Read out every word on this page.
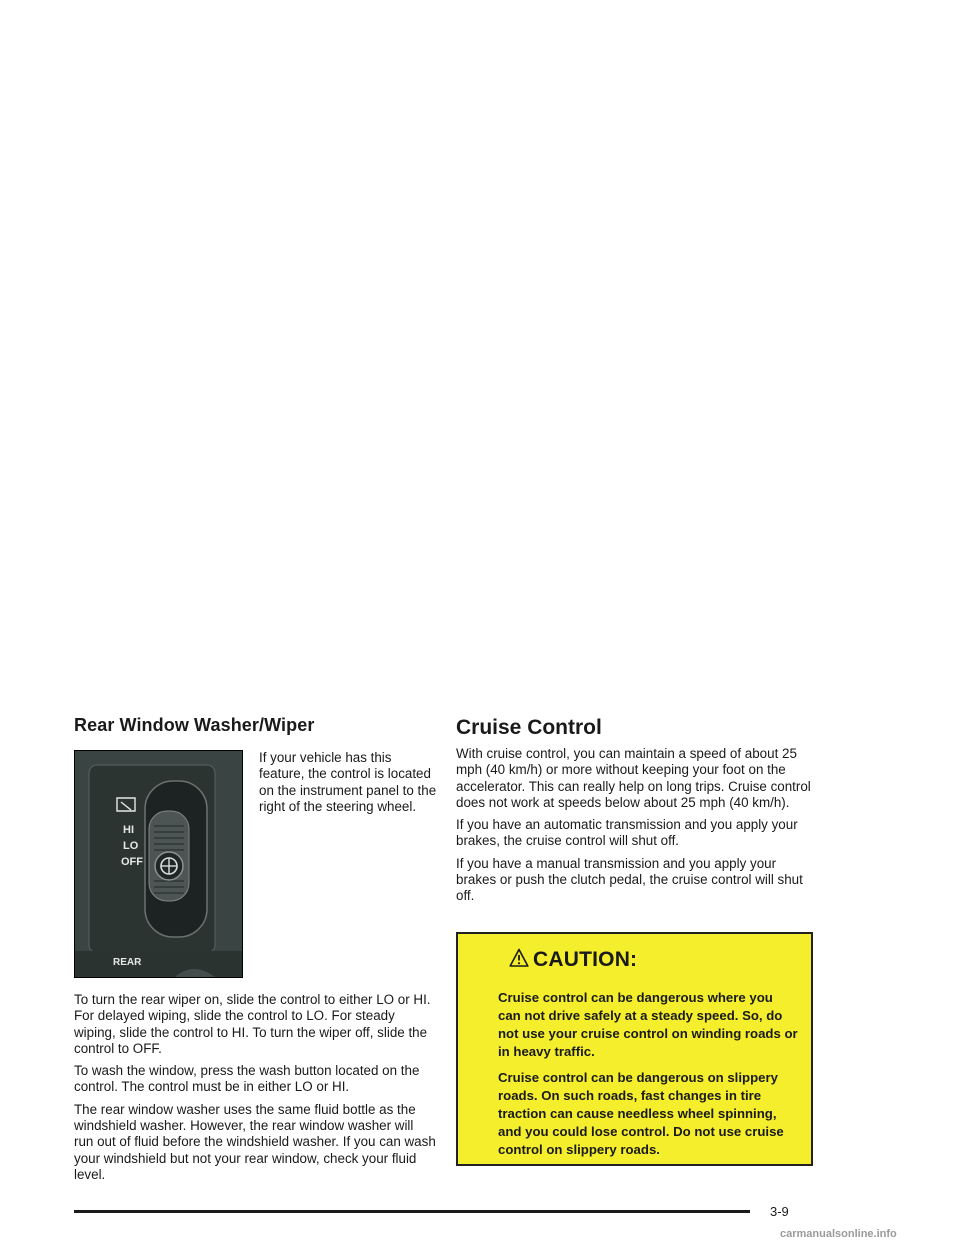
Rear Window Washer/Wiper
HI
LO
OFF
REAR

If your vehicle has this feature, the control is located on the instrument panel to the right of the steering wheel.

To turn the rear wiper on, slide the control to either LO or HI. For delayed wiping, slide the control to LO. For steady wiping, slide the control to HI. To turn the wiper off, slide the control to OFF.

To wash the window, press the wash button located on the control. The control must be in either LO or HI.

The rear window washer uses the same fluid bottle as the windshield washer. However, the rear window washer will run out of fluid before the windshield washer. If you can wash your windshield but not your rear window, check your fluid level.

Cruise Control

With cruise control, you can maintain a speed of about 25 mph (40 km/h) or more without keeping your foot on the accelerator. This can really help on long trips. Cruise control does not work at speeds below about 25 mph (40 km/h).

If you have an automatic transmission and you apply your brakes, the cruise control will shut off.

If you have a manual transmission and you apply your brakes or push the clutch pedal, the cruise control will shut off.

CAUTION:

Cruise control can be dangerous where you can not drive safely at a steady speed. So, do not use your cruise control on winding roads or in heavy traffic.

Cruise control can be dangerous on slippery roads. On such roads, fast changes in tire traction can cause needless wheel spinning, and you could lose control. Do not use cruise control on slippery roads.

3-9
carmanualsonline.info
